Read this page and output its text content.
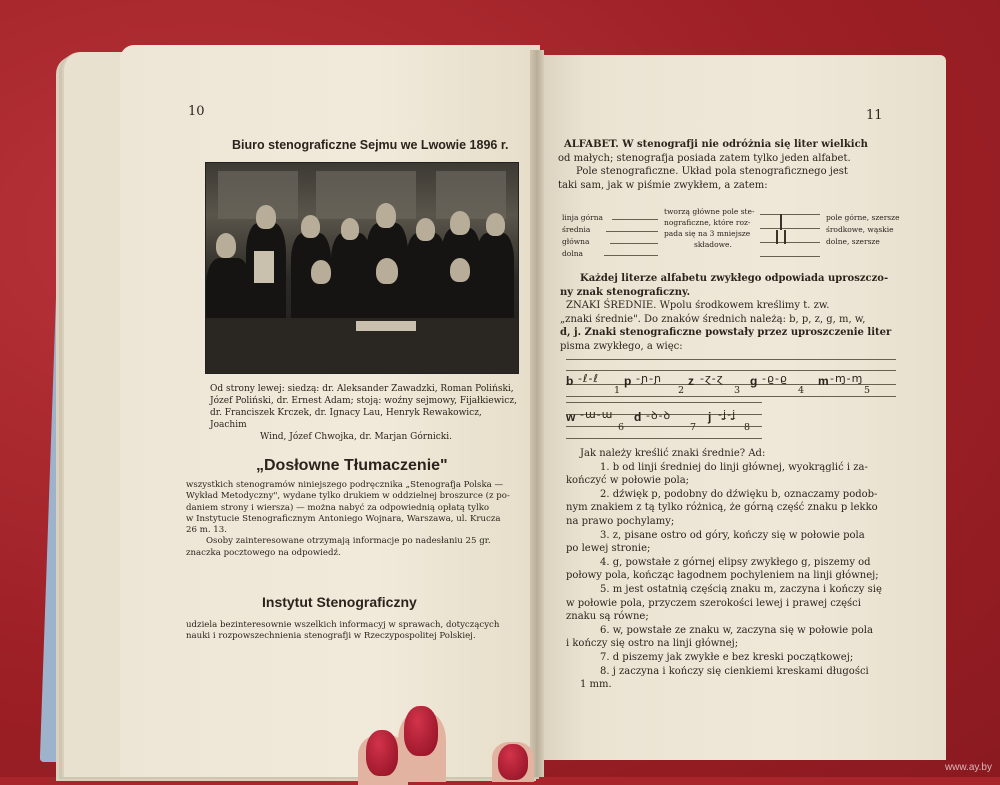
10
Biuro stenograficzne Sejmu we Lwowie 1896 r.
Od strony lewej: siedzą: dr. Aleksander Zawadzki, Roman Poliński,
Józef Poliński, dr. Ernest Adam; stoją: woźny sejmowy, Fijałkiewicz,
dr. Franciszek Krczek, dr. Ignacy Lau, Henryk Rewakowicz, Joachim
Wind, Józef Chwojka, dr. Marjan Górnicki.
„Dosłowne Tłumaczenie"
wszystkich stenogramów niniejszego podręcznika „Stenografja Polska —
Wykład Metodyczny", wydane tylko drukiem w oddzielnej broszurce (z po-
daniem strony i wiersza) — można nabyć za odpowiednią opłatą tylko
w Instytucie Stenograficznym Antoniego Wojnara, Warszawa, ul. Krucza
26 m. 13.
Osoby zainteresowane otrzymają informacje po nadesłaniu 25 gr.
znaczka pocztowego na odpowiedź.
Instytut Stenograficzny
udziela bezinteresownie wszelkich informacyj w sprawach, dotyczących
nauki i rozpowszechnienia stenografji w Rzeczypospolitej Polskiej.
11
ALFABET. W stenografji nie odróżnia się liter wielkich
od małych; stenografja posiada zatem tylko jeden alfabet.
Pole stenograficzne. Układ pola stenograficznego jest
taki sam, jak w piśmie zwykłem, a zatem:
linja górna
średnia
główna
dolna
tworzą główne pole ste-
nograficzne, które roz-
pada się na 3 mniejsze
składowe.
pole górne, szersze
środkowe, wąskie
dolne, szersze
Każdej literze alfabetu zwykłego odpowiada uproszczo-
ny znak stenograficzny.
ZNAKI ŚREDNIE. Wpolu środkowem kreślimy t. zw.
„znaki średnie". Do znaków średnich należą: b, p, z, g, m, w,
d, j. Znaki stenograficzne powstały przez uproszczenie liter
pisma zwykłego, a więc:
b -ℓ-ℓ p -ɲ-ɲ z -ɀ-ɀ g -ϱ-ϱ	m -ɱ-ɱ
1	2	3	4	5
w -ɯ-ɯ d -ꝺ-ꝺ	j -ʝ-ʝ
6	7	8
Jak należy kreślić znaki średnie? Ad:
1. b od linji średniej do linji głównej, wyokrąglić i za-
kończyć w połowie pola;
2. dźwięk p, podobny do dźwięku b, oznaczamy podob-
nym znakiem z tą tylko różnicą, że górną część znaku p lekko
na prawo pochylamy;
3. z, pisane ostro od góry, kończy się w połowie pola
po lewej stronie;
4. g, powstałe z górnej elipsy zwykłego g, piszemy od
połowy pola, kończąc łagodnem pochyleniem na linji głównej;
5. m jest ostatnią częścią znaku m, zaczyna i kończy się
w połowie pola, przyczem szerokości lewej i prawej części
znaku są równe;
6. w, powstałe ze znaku w, zaczyna się w połowie pola
i kończy się ostro na linji głównej;
7. d piszemy jak zwykłe e bez kreski początkowej;
8. j zaczyna i kończy się cienkiemi kreskami długości
1 mm.
www.ay.by
